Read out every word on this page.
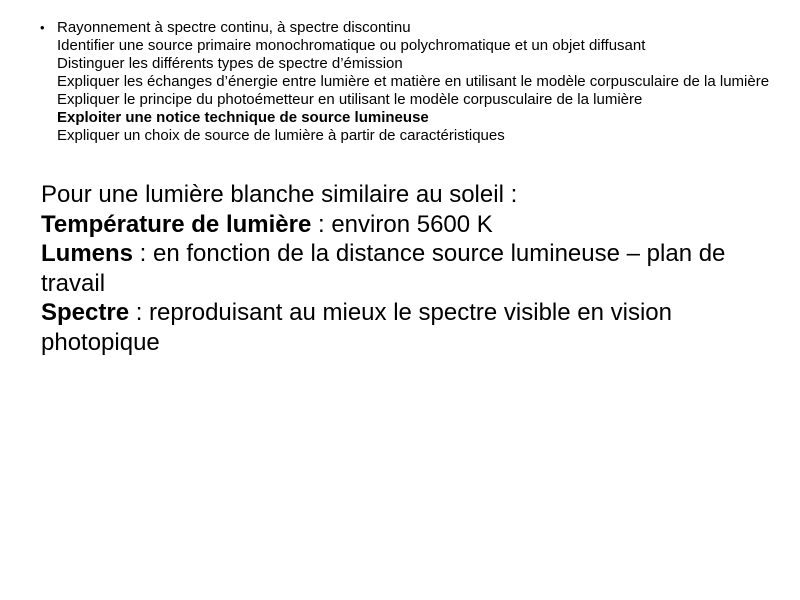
• Rayonnement à spectre continu, à spectre discontinu
Identifier une source primaire monochromatique ou polychromatique et un objet diffusant
Distinguer les différents types de spectre d’émission
Expliquer les échanges d’énergie entre lumière et matière en utilisant le modèle corpusculaire de la lumière
Expliquer le principe du photoémetteur en utilisant le modèle corpusculaire de la lumière
Exploiter une notice technique de source lumineuse
Expliquer un choix de source de lumière à partir de caractéristiques
Pour une lumière blanche similaire au soleil :
Température de lumière : environ 5600 K
Lumens : en fonction de la distance source lumineuse – plan de travail
Spectre : reproduisant au mieux le spectre visible en vision photopique
